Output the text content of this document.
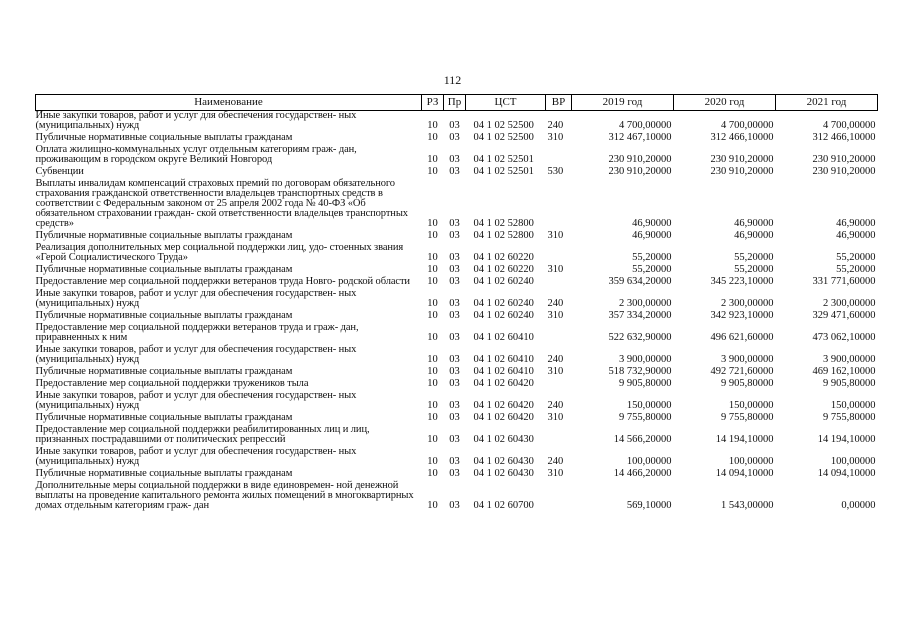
112
Наименование	РЗ	Пр	ЦСТ	ВР	2019 год	2020 год	2021 год
Иные закупки товаров, работ и услуг для обеспечения государствен- ных (муниципальных) нужд	10	03	04 1 02 52500	240	4 700,00000	4 700,00000	4 700,00000
Публичные нормативные социальные выплаты гражданам	10	03	04 1 02 52500	310	312 467,10000	312 466,10000	312 466,10000
Оплата жилищно-коммунальных услуг отдельным категориям граж- дан, проживающим в городском округе Великий Новгород	10	03	04 1 02 52501		230 910,20000	230 910,20000	230 910,20000
Субвенции	10	03	04 1 02 52501	530	230 910,20000	230 910,20000	230 910,20000
Выплаты инвалидам компенсаций страховых премий по договорам обязательного страхования гражданской ответственности владельцев транспортных средств в соответствии с Федеральным законом от 25 апреля 2002 года № 40-ФЗ «Об обязательном страховании граждан- ской ответственности владельцев транспортных средств»	10	03	04 1 02 52800		46,90000	46,90000	46,90000
Публичные нормативные социальные выплаты гражданам	10	03	04 1 02 52800	310	46,90000	46,90000	46,90000
Реализация дополнительных мер социальной поддержки лиц, удо- стоенных звания «Герой Социалистического Труда»	10	03	04 1 02 60220		55,20000	55,20000	55,20000
Публичные нормативные социальные выплаты гражданам	10	03	04 1 02 60220	310	55,20000	55,20000	55,20000
Предоставление мер социальной поддержки ветеранов труда Новго- родской области	10	03	04 1 02 60240		359 634,20000	345 223,10000	331 771,60000
Иные закупки товаров, работ и услуг для обеспечения государствен- ных (муниципальных) нужд	10	03	04 1 02 60240	240	2 300,00000	2 300,00000	2 300,00000
Публичные нормативные социальные выплаты гражданам	10	03	04 1 02 60240	310	357 334,20000	342 923,10000	329 471,60000
Предоставление мер социальной поддержки ветеранов труда и граж- дан, приравненных к ним	10	03	04 1 02 60410		522 632,90000	496 621,60000	473 062,10000
Иные закупки товаров, работ и услуг для обеспечения государствен- ных (муниципальных) нужд	10	03	04 1 02 60410	240	3 900,00000	3 900,00000	3 900,00000
Публичные нормативные социальные выплаты гражданам	10	03	04 1 02 60410	310	518 732,90000	492 721,60000	469 162,10000
Предоставление мер социальной поддержки тружеников тыла	10	03	04 1 02 60420		9 905,80000	9 905,80000	9 905,80000
Иные закупки товаров, работ и услуг для обеспечения государствен- ных (муниципальных) нужд	10	03	04 1 02 60420	240	150,00000	150,00000	150,00000
Публичные нормативные социальные выплаты гражданам	10	03	04 1 02 60420	310	9 755,80000	9 755,80000	9 755,80000
Предоставление мер социальной поддержки реабилитированных лиц и лиц, признанных пострадавшими от политических репрессий	10	03	04 1 02 60430		14 566,20000	14 194,10000	14 194,10000
Иные закупки товаров, работ и услуг для обеспечения государствен- ных (муниципальных) нужд	10	03	04 1 02 60430	240	100,00000	100,00000	100,00000
Публичные нормативные социальные выплаты гражданам	10	03	04 1 02 60430	310	14 466,20000	14 094,10000	14 094,10000
Дополнительные меры социальной поддержки в виде единовремен- ной денежной выплаты на проведение капитального ремонта жилых помещений в многоквартирных домах отдельным категориям граж- дан	10	03	04 1 02 60700		569,10000	1 543,00000	0,00000
